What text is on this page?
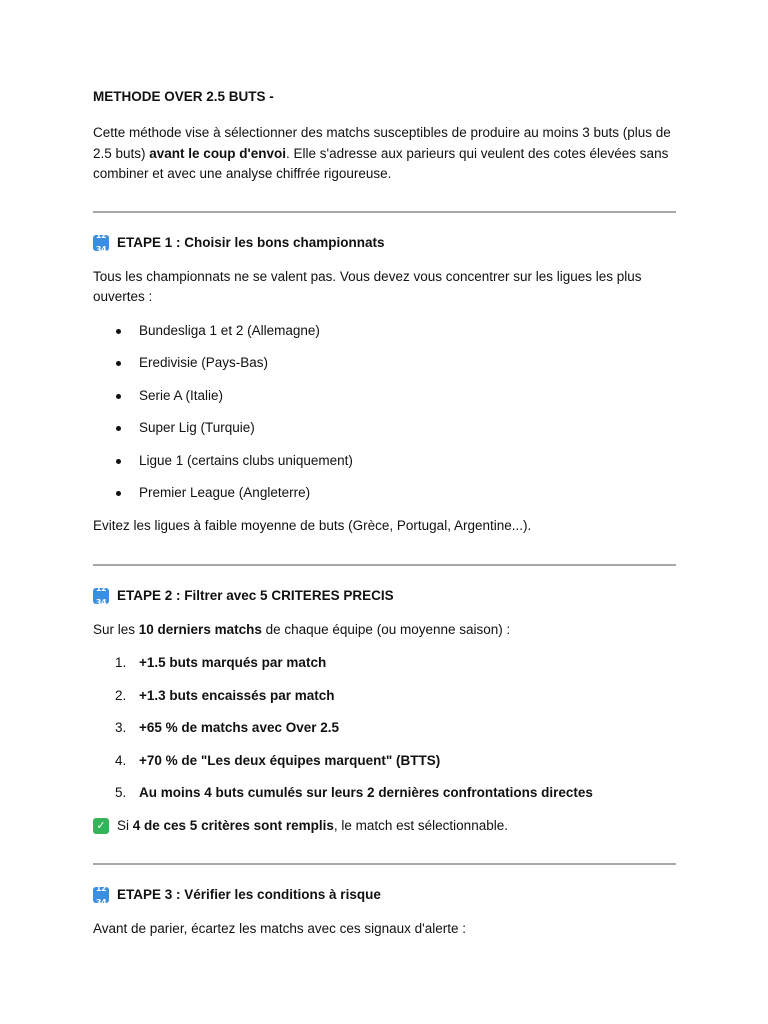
METHODE OVER 2.5 BUTS -

Cette méthode vise à sélectionner des matchs susceptibles de produire au moins 3 buts (plus de 2.5 buts) avant le coup d'envoi. Elle s'adresse aux parieurs qui veulent des cotes élevées sans combiner et avec une analyse chiffrée rigoureuse.

12

34 ETAPE 1 : Choisir les bons championnats

Tous les championnats ne se valent pas. Vous devez vous concentrer sur les ligues les plus ouvertes :

Bundesliga 1 et 2 (Allemagne)
Eredivisie (Pays-Bas)
Serie A (Italie)
Super Lig (Turquie)
Ligue 1 (certains clubs uniquement)
Premier League (Angleterre)

Evitez les ligues à faible moyenne de buts (Grèce, Portugal, Argentine...).

12

34 ETAPE 2 : Filtrer avec 5 CRITERES PRECIS

Sur les 10 derniers matchs de chaque équipe (ou moyenne saison) :

1. +1.5 buts marqués par match
2. +1.3 buts encaissés par match
3. +65 % de matchs avec Over 2.5
4. +70 % de "Les deux équipes marquent" (BTTS)
5. Au moins 4 buts cumulés sur leurs 2 dernières confrontations directes
✓ Si 4 de ces 5 critères sont remplis, le match est sélectionnable.
12

34 ETAPE 3 : Vérifier les conditions à risque

Avant de parier, écartez les matchs avec ces signaux d'alerte :
